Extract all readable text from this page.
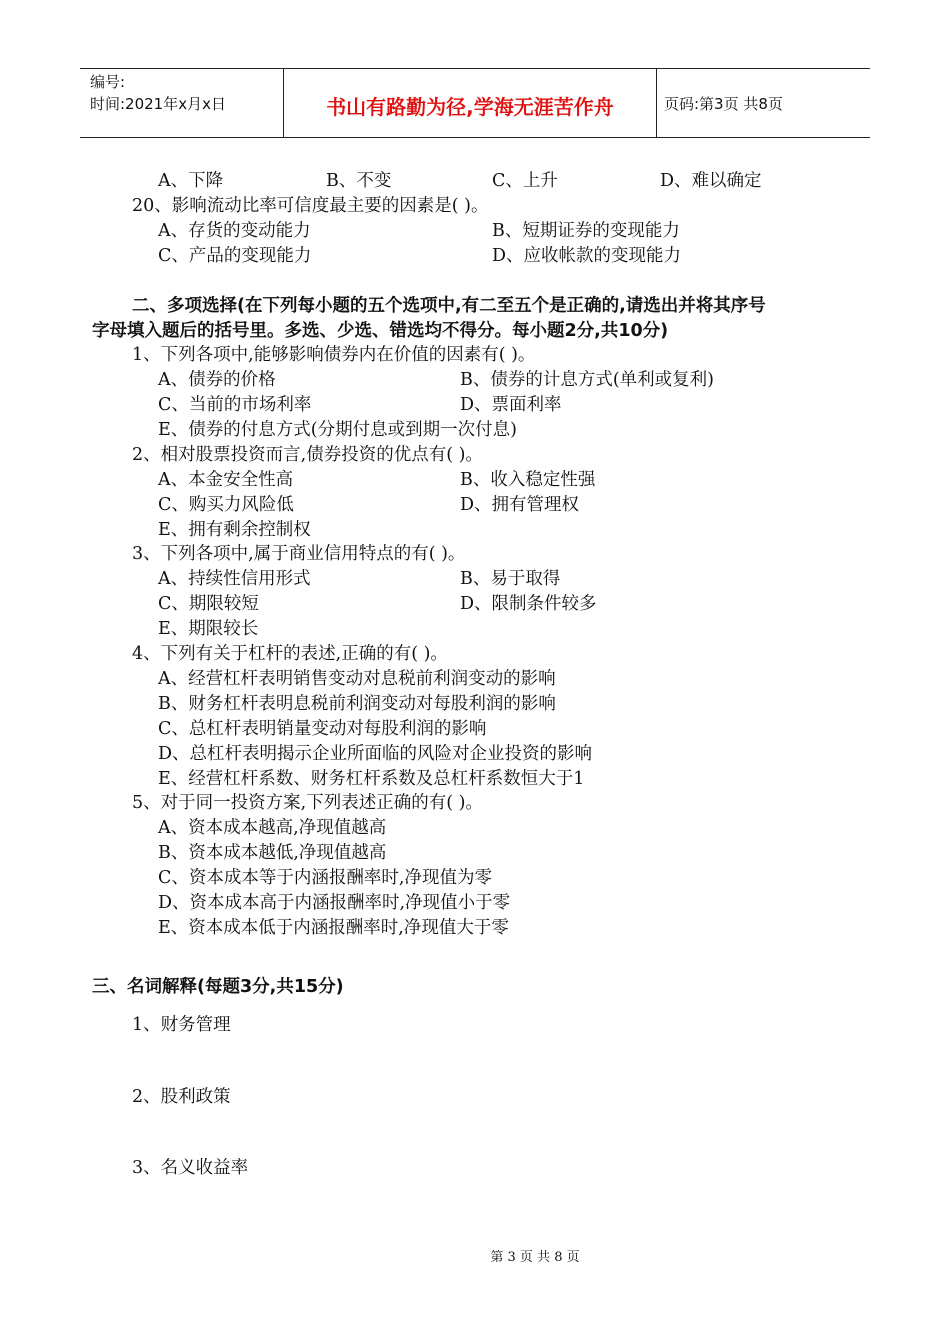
编号:
时间:2021年x月x日	书山有路勤为径,学海无涯苦作舟	页码:第3页 共8页
A、下降	B、不变	C、上升	D、难以确定
20、影响流动比率可信度最主要的因素是( )。
A、存货的变动能力	B、短期证券的变现能力
C、产品的变现能力	D、应收帐款的变现能力
二、多项选择(在下列每小题的五个选项中,有二至五个是正确的,请选出并将其序号
字母填入题后的括号里。多选、少选、错选均不得分。每小题2分,共10分)
1、下列各项中,能够影响债券内在价值的因素有( )。
A、债券的价格	B、债券的计息方式(单利或复利)
C、当前的市场利率	D、票面利率
E、债券的付息方式(分期付息或到期一次付息)
2、相对股票投资而言,债券投资的优点有( )。
A、本金安全性高	B、收入稳定性强
C、购买力风险低	D、拥有管理权
E、拥有剩余控制权
3、下列各项中,属于商业信用特点的有( )。
A、持续性信用形式	B、易于取得
C、期限较短	D、限制条件较多
E、期限较长
4、下列有关于杠杆的表述,正确的有( )。
A、经营杠杆表明销售变动对息税前利润变动的影响
B、财务杠杆表明息税前利润变动对每股利润的影响
C、总杠杆表明销量变动对每股利润的影响
D、总杠杆表明揭示企业所面临的风险对企业投资的影响
E、经营杠杆系数、财务杠杆系数及总杠杆系数恒大于1
5、对于同一投资方案,下列表述正确的有( )。
A、资本成本越高,净现值越高
B、资本成本越低,净现值越高
C、资本成本等于内涵报酬率时,净现值为零
D、资本成本高于内涵报酬率时,净现值小于零
E、资本成本低于内涵报酬率时,净现值大于零
三、名词解释(每题3分,共15分)
1、财务管理
2、股利政策
3、名义收益率
第 3 页 共 8 页
